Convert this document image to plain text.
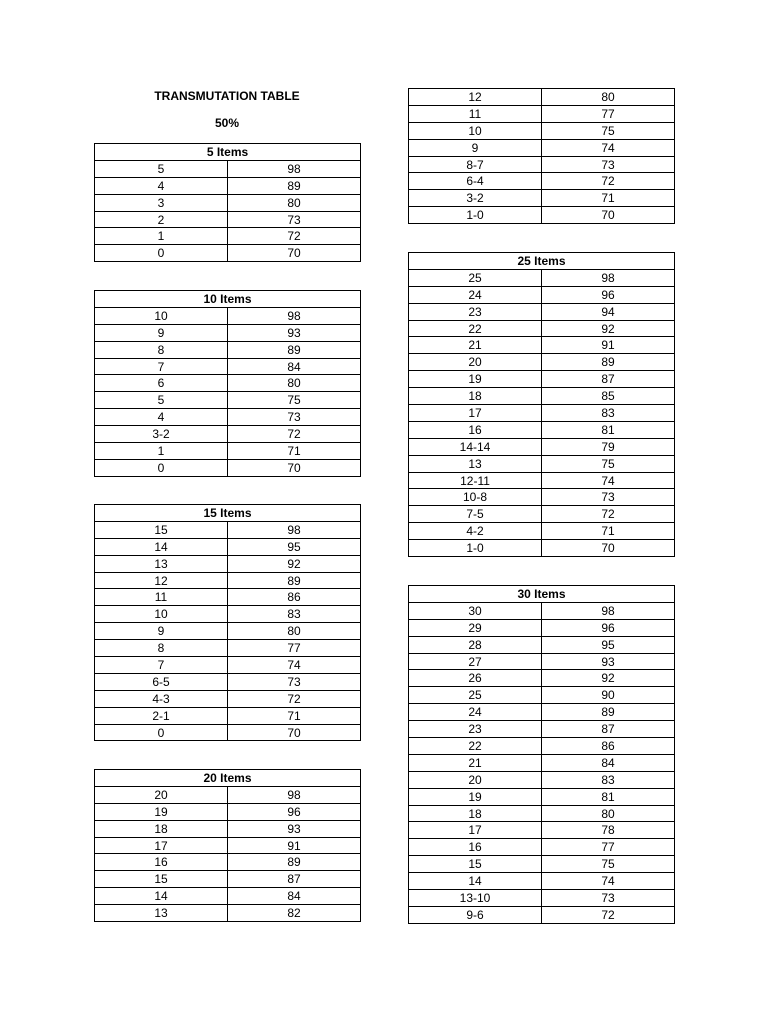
TRANSMUTATION TABLE
50%
5 Items	
5	98
4	89
3	80
2	73
1	72
0	70
10 Items	
10	98
9	93
8	89
7	84
6	80
5	75
4	73
3-2	72
1	71
0	70
15 Items	
15	98
14	95
13	92
12	89
11	86
10	83
9	80
8	77
7	74
6-5	73
4-3	72
2-1	71
0	70
20 Items	
20	98
19	96
18	93
17	91
16	89
15	87
14	84
13	82
12	80
11	77
10	75
9	74
8-7	73
6-4	72
3-2	71
1-0	70
25 Items	
25	98
24	96
23	94
22	92
21	91
20	89
19	87
18	85
17	83
16	81
14-14	79
13	75
12-11	74
10-8	73
7-5	72
4-2	71
1-0	70
30 Items	
30	98
29	96
28	95
27	93
26	92
25	90
24	89
23	87
22	86
21	84
20	83
19	81
18	80
17	78
16	77
15	75
14	74
13-10	73
9-6	72
